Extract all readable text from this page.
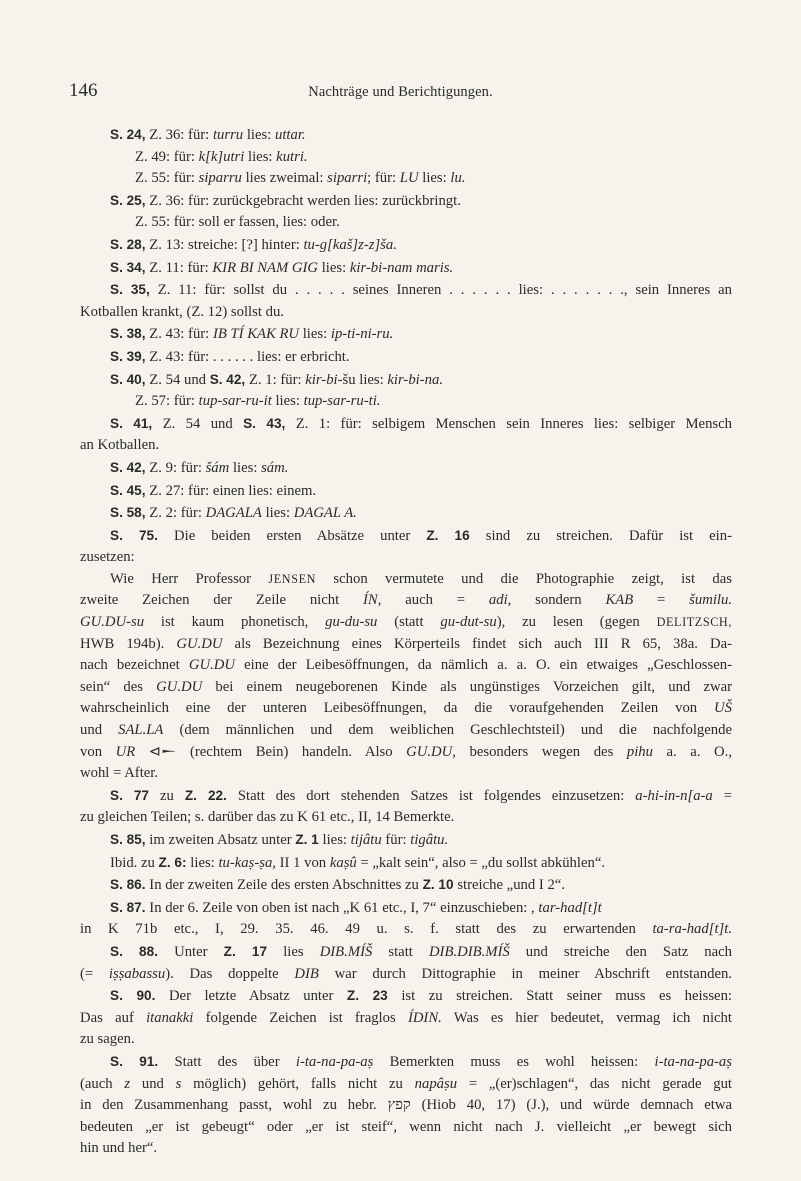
146	Nachträge und Berichtigungen.
S. 24, Z. 36: für: turru lies: uttar.
Z. 49: für: k[k]utri lies: kutri.
Z. 55: für: siparru lies zweimal: siparri; für: LU lies: lu.
S. 25, Z. 36: für: zurückgebracht werden lies: zurückbringt.
Z. 55: für: soll er fassen, lies: oder.
S. 28, Z. 13: streiche: [?] hinter: tu-g[kaš]z-z]ša.
S. 34, Z. 11: für: KIR BI NAM GIG lies: kir-bi-nam maris.
S. 35, Z. 11: für: sollst du . . . . . seines Inneren . . . . . . lies: . . . . . . ., sein Inneres an
Kotballen krankt, (Z. 12) sollst du.
S. 38, Z. 43: für: IB TÍ KAK RU lies: ip-ti-ni-ru.
S. 39, Z. 43: für: . . . . . . lies: er erbricht.
S. 40, Z. 54 und S. 42, Z. 1: für: kir-bi-šu lies: kir-bi-na.
Z. 57: für: tup-sar-ru-it lies: tup-sar-ru-ti.
S. 41, Z. 54 und S. 43, Z. 1: für: selbigem Menschen sein Inneres lies: selbiger Mensch
an Kotballen.
S. 42, Z. 9: für: šám lies: sám.
S. 45, Z. 27: für: einen lies: einem.
S. 58, Z. 2: für: DAGALA lies: DAGAL A.
S. 75. Die beiden ersten Absätze unter Z. 16 sind zu streichen. Dafür ist ein-
zusetzen:
Wie Herr Professor JENSEN schon vermutete und die Photographie zeigt, ist das
zweite Zeichen der Zeile nicht ÍN, auch = adi, sondern KAB = šumilu.
GU.DU-su ist kaum phonetisch, gu-du-su (statt gu-dut-su), zu lesen (gegen DELITZSCH,
HWB 194b). GU.DU als Bezeichnung eines Körperteils findet sich auch III R 65, 38a. Da-
nach bezeichnet GU.DU eine der Leibesöffnungen, da nämlich a. a. O. ein etwaiges „Geschlossen-
sein“ des GU.DU bei einem neugeborenen Kinde als ungünstiges Vorzeichen gilt, und zwar
wahrscheinlich eine der unteren Leibesöffnungen, da die voraufgehenden Zeilen von UŠ
und SAL.LA (dem männlichen und dem weiblichen Geschlechtsteil) und die nachfolgende
von UR ⊲𒀸 (rechtem Bein) handeln. Also GU.DU, besonders wegen des pihu a. a. O.,
wohl = After.
S. 77 zu Z. 22. Statt des dort stehenden Satzes ist folgendes einzusetzen: a-hi-in-n[a-a =
zu gleichen Teilen; s. darüber das zu K 61 etc., II, 14 Bemerkte.
S. 85, im zweiten Absatz unter Z. 1 lies: tijâtu für: tigâtu.
Ibid. zu Z. 6: lies: tu-kaṣ-ṣa, II 1 von kaṣû = „kalt sein“, also = „du sollst abkühlen“.
S. 86. In der zweiten Zeile des ersten Abschnittes zu Z. 10 streiche „und I 2“.
S. 87. In der 6. Zeile von oben ist nach „K 61 etc., I, 7“ einzuschieben: , tar-had[t]t
in K 71b etc., I, 29. 35. 46. 49 u. s. f. statt des zu erwartenden ta-ra-had[t]t.
S. 88. Unter Z. 17 lies DIB.MÍŠ statt DIB.DIB.MÍŠ und streiche den Satz nach
(= iṣṣabassu). Das doppelte DIB war durch Dittographie in meiner Abschrift entstanden.
S. 90. Der letzte Absatz unter Z. 23 ist zu streichen. Statt seiner muss es heissen:
Das auf itanakki folgende Zeichen ist fraglos ÍDIN. Was es hier bedeutet, vermag ich nicht
zu sagen.
S. 91. Statt des über i-ta-na-pa-aṣ Bemerkten muss es wohl heissen: i-ta-na-pa-aṣ
(auch z und s möglich) gehört, falls nicht zu napâṣu = „(er)schlagen“, das nicht gerade gut
in den Zusammenhang passt, wohl zu hebr. קפץ (Hiob 40, 17) (J.), und würde demnach etwa
bedeuten „er ist gebeugt“ oder „er ist steif“, wenn nicht nach J. vielleicht „er bewegt sich
hin und her“.
